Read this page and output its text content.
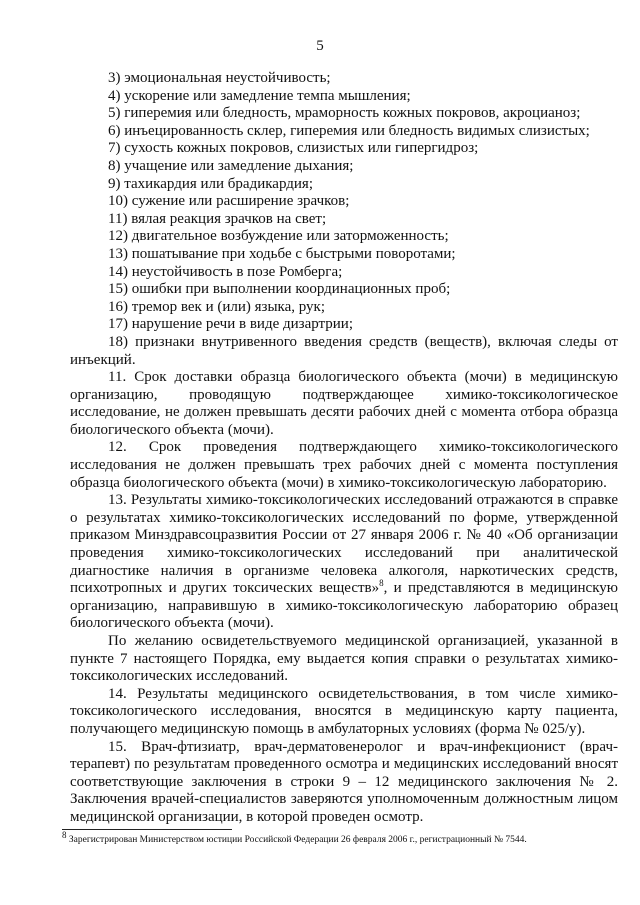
5
3) эмоциональная неустойчивость;
4) ускорение или замедление темпа мышления;
5) гиперемия или бледность, мраморность кожных покровов, акроцианоз;
6) инъецированность склер, гиперемия или бледность видимых слизистых;
7) сухость кожных покровов, слизистых или гипергидроз;
8) учащение или замедление дыхания;
9) тахикардия или брадикардия;
10) сужение или расширение зрачков;
11) вялая реакция зрачков на свет;
12) двигательное возбуждение или заторможенность;
13) пошатывание при ходьбе с быстрыми поворотами;
14) неустойчивость в позе Ромберга;
15) ошибки при выполнении координационных проб;
16) тремор век и (или) языка, рук;
17) нарушение речи в виде дизартрии;

18) признаки внутривенного введения средств (веществ), включая следы от инъекций.

11. Срок доставки образца биологического объекта (мочи) в медицинскую организацию, проводящую подтверждающее химико-токсикологическое исследование, не должен превышать десяти рабочих дней с момента отбора образца биологического объекта (мочи).

12. Срок проведения подтверждающего химико-токсикологического исследования не должен превышать трех рабочих дней с момента поступления образца биологического объекта (мочи) в химико-токсикологическую лабораторию.

13. Результаты химико-токсикологических исследований отражаются в справке о результатах химико-токсикологических исследований по форме, утвержденной приказом Минздравсоцразвития России от 27 января 2006 г. № 40 «Об организации проведения химико-токсикологических исследований при аналитической диагностике наличия в организме человека алкоголя, наркотических средств, психотропных и других токсических веществ»$^8$, и представляются в медицинскую организацию, направившую в химико-токсикологическую лабораторию образец биологического объекта (мочи).

По желанию освидетельствуемого медицинской организацией, указанной в пункте 7 настоящего Порядка, ему выдается копия справки о результатах химико-токсикологических исследований.

14. Результаты медицинского освидетельствования, в том числе химико-токсикологического исследования, вносятся в медицинскую карту пациента, получающего медицинскую помощь в амбулаторных условиях (форма № 025/у).

15. Врач-фтизиатр, врач-дерматовенеролог и врач-инфекционист (врач-терапевт) по результатам проведенного осмотра и медицинских исследований вносят соответствующие заключения в строки 9 – 12 медицинского заключения № 2. Заключения врачей-специалистов заверяются уполномоченным должностным лицом медицинской организации, в которой проведен осмотр.

$^8$ Зарегистрирован Министерством юстиции Российской Федерации 26 февраля 2006 г., регистрационный № 7544.
